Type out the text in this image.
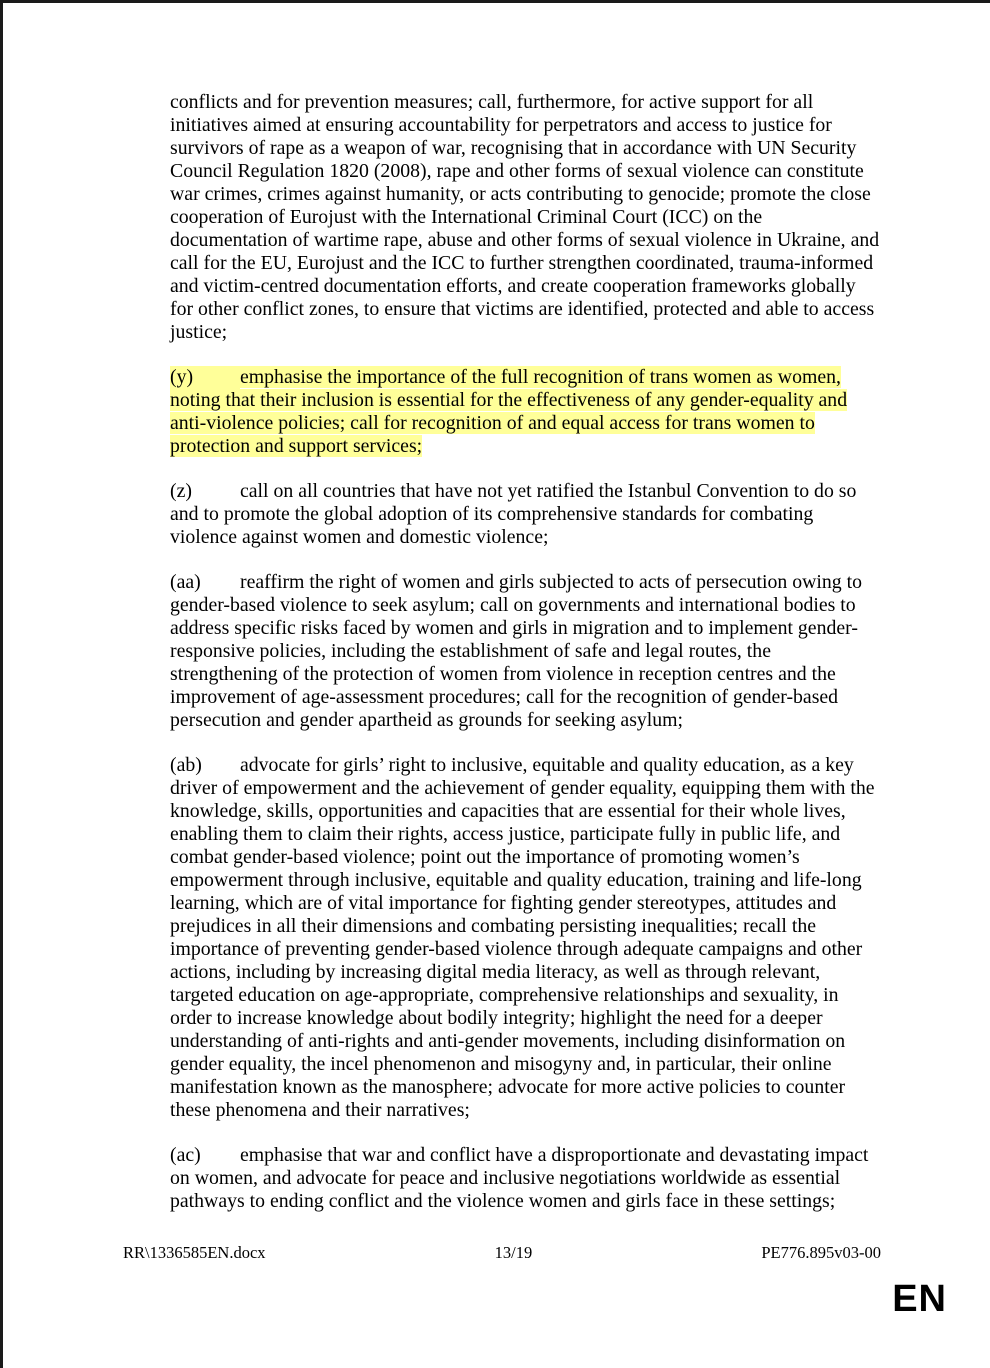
conflicts and for prevention measures; call, furthermore, for active support for all initiatives aimed at ensuring accountability for perpetrators and access to justice for survivors of rape as a weapon of war, recognising that in accordance with UN Security Council Regulation 1820 (2008), rape and other forms of sexual violence can constitute war crimes, crimes against humanity, or acts contributing to genocide; promote the close cooperation of Eurojust with the International Criminal Court (ICC) on the documentation of wartime rape, abuse and other forms of sexual violence in Ukraine, and call for the EU, Eurojust and the ICC to further strengthen coordinated, trauma-informed and victim-centred documentation efforts, and create cooperation frameworks globally for other conflict zones, to ensure that victims are identified, protected and able to access justice;
(y) emphasise the importance of the full recognition of trans women as women, noting that their inclusion is essential for the effectiveness of any gender-equality and anti-violence policies; call for recognition of and equal access for trans women to protection and support services;
(z) call on all countries that have not yet ratified the Istanbul Convention to do so and to promote the global adoption of its comprehensive standards for combating violence against women and domestic violence;
(aa) reaffirm the right of women and girls subjected to acts of persecution owing to gender-based violence to seek asylum; call on governments and international bodies to address specific risks faced by women and girls in migration and to implement gender-responsive policies, including the establishment of safe and legal routes, the strengthening of the protection of women from violence in reception centres and the improvement of age-assessment procedures; call for the recognition of gender-based persecution and gender apartheid as grounds for seeking asylum;
(ab) advocate for girls’ right to inclusive, equitable and quality education, as a key driver of empowerment and the achievement of gender equality, equipping them with the knowledge, skills, opportunities and capacities that are essential for their whole lives, enabling them to claim their rights, access justice, participate fully in public life, and combat gender-based violence; point out the importance of promoting women’s empowerment through inclusive, equitable and quality education, training and life-long learning, which are of vital importance for fighting gender stereotypes, attitudes and prejudices in all their dimensions and combating persisting inequalities; recall the importance of preventing gender-based violence through adequate campaigns and other actions, including by increasing digital media literacy, as well as through relevant, targeted education on age-appropriate, comprehensive relationships and sexuality, in order to increase knowledge about bodily integrity; highlight the need for a deeper understanding of anti-rights and anti-gender movements, including disinformation on gender equality, the incel phenomenon and misogyny and, in particular, their online manifestation known as the manosphere; advocate for more active policies to counter these phenomena and their narratives;
(ac) emphasise that war and conflict have a disproportionate and devastating impact on women, and advocate for peace and inclusive negotiations worldwide as essential pathways to ending conflict and the violence women and girls face in these settings;
RR\1336585EN.docx	13/19	PE776.895v03-00
EN
